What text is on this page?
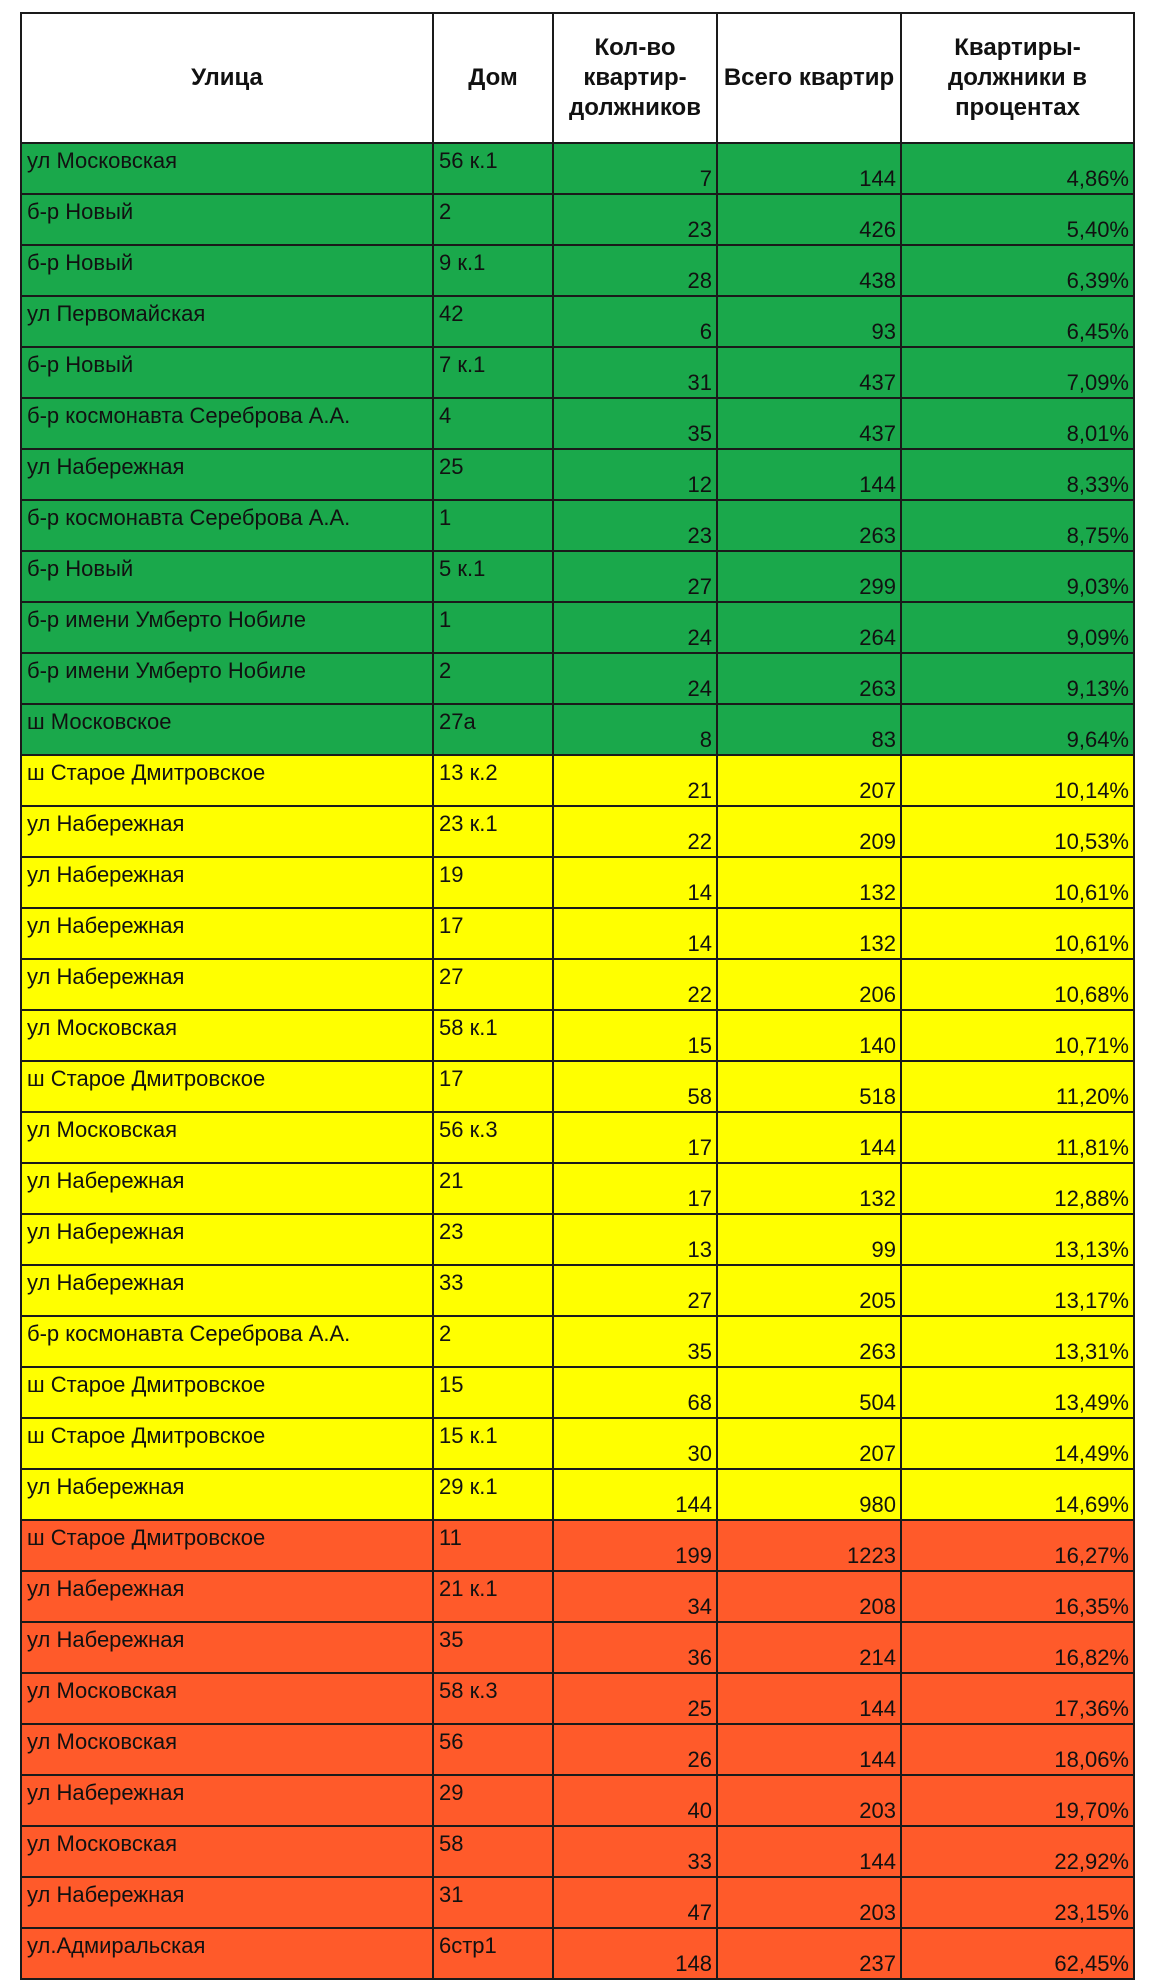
Улица	Дом	Кол-во квартир-должников	Всего квартир	Квартиры-должники в процентах
ул Московская	56 к.1	7	144	4,86%
б-р Новый	2	23	426	5,40%
б-р Новый	9 к.1	28	438	6,39%
ул Первомайская	42	6	93	6,45%
б-р Новый	7 к.1	31	437	7,09%
б-р космонавта Сереброва А.А.	4	35	437	8,01%
ул Набережная	25	12	144	8,33%
б-р космонавта Сереброва А.А.	1	23	263	8,75%
б-р Новый	5 к.1	27	299	9,03%
б-р имени Умберто Нобиле	1	24	264	9,09%
б-р имени Умберто Нобиле	2	24	263	9,13%
ш Московское	27а	8	83	9,64%
ш Старое Дмитровское	13 к.2	21	207	10,14%
ул Набережная	23 к.1	22	209	10,53%
ул Набережная	19	14	132	10,61%
ул Набережная	17	14	132	10,61%
ул Набережная	27	22	206	10,68%
ул Московская	58 к.1	15	140	10,71%
ш Старое Дмитровское	17	58	518	11,20%
ул Московская	56 к.3	17	144	11,81%
ул Набережная	21	17	132	12,88%
ул Набережная	23	13	99	13,13%
ул Набережная	33	27	205	13,17%
б-р космонавта Сереброва А.А.	2	35	263	13,31%
ш Старое Дмитровское	15	68	504	13,49%
ш Старое Дмитровское	15 к.1	30	207	14,49%
ул Набережная	29 к.1	144	980	14,69%
ш Старое Дмитровское	11	199	1223	16,27%
ул Набережная	21 к.1	34	208	16,35%
ул Набережная	35	36	214	16,82%
ул Московская	58 к.3	25	144	17,36%
ул Московская	56	26	144	18,06%
ул Набережная	29	40	203	19,70%
ул Московская	58	33	144	22,92%
ул Набережная	31	47	203	23,15%
ул.Адмиральская	6стр1	148	237	62,45%
